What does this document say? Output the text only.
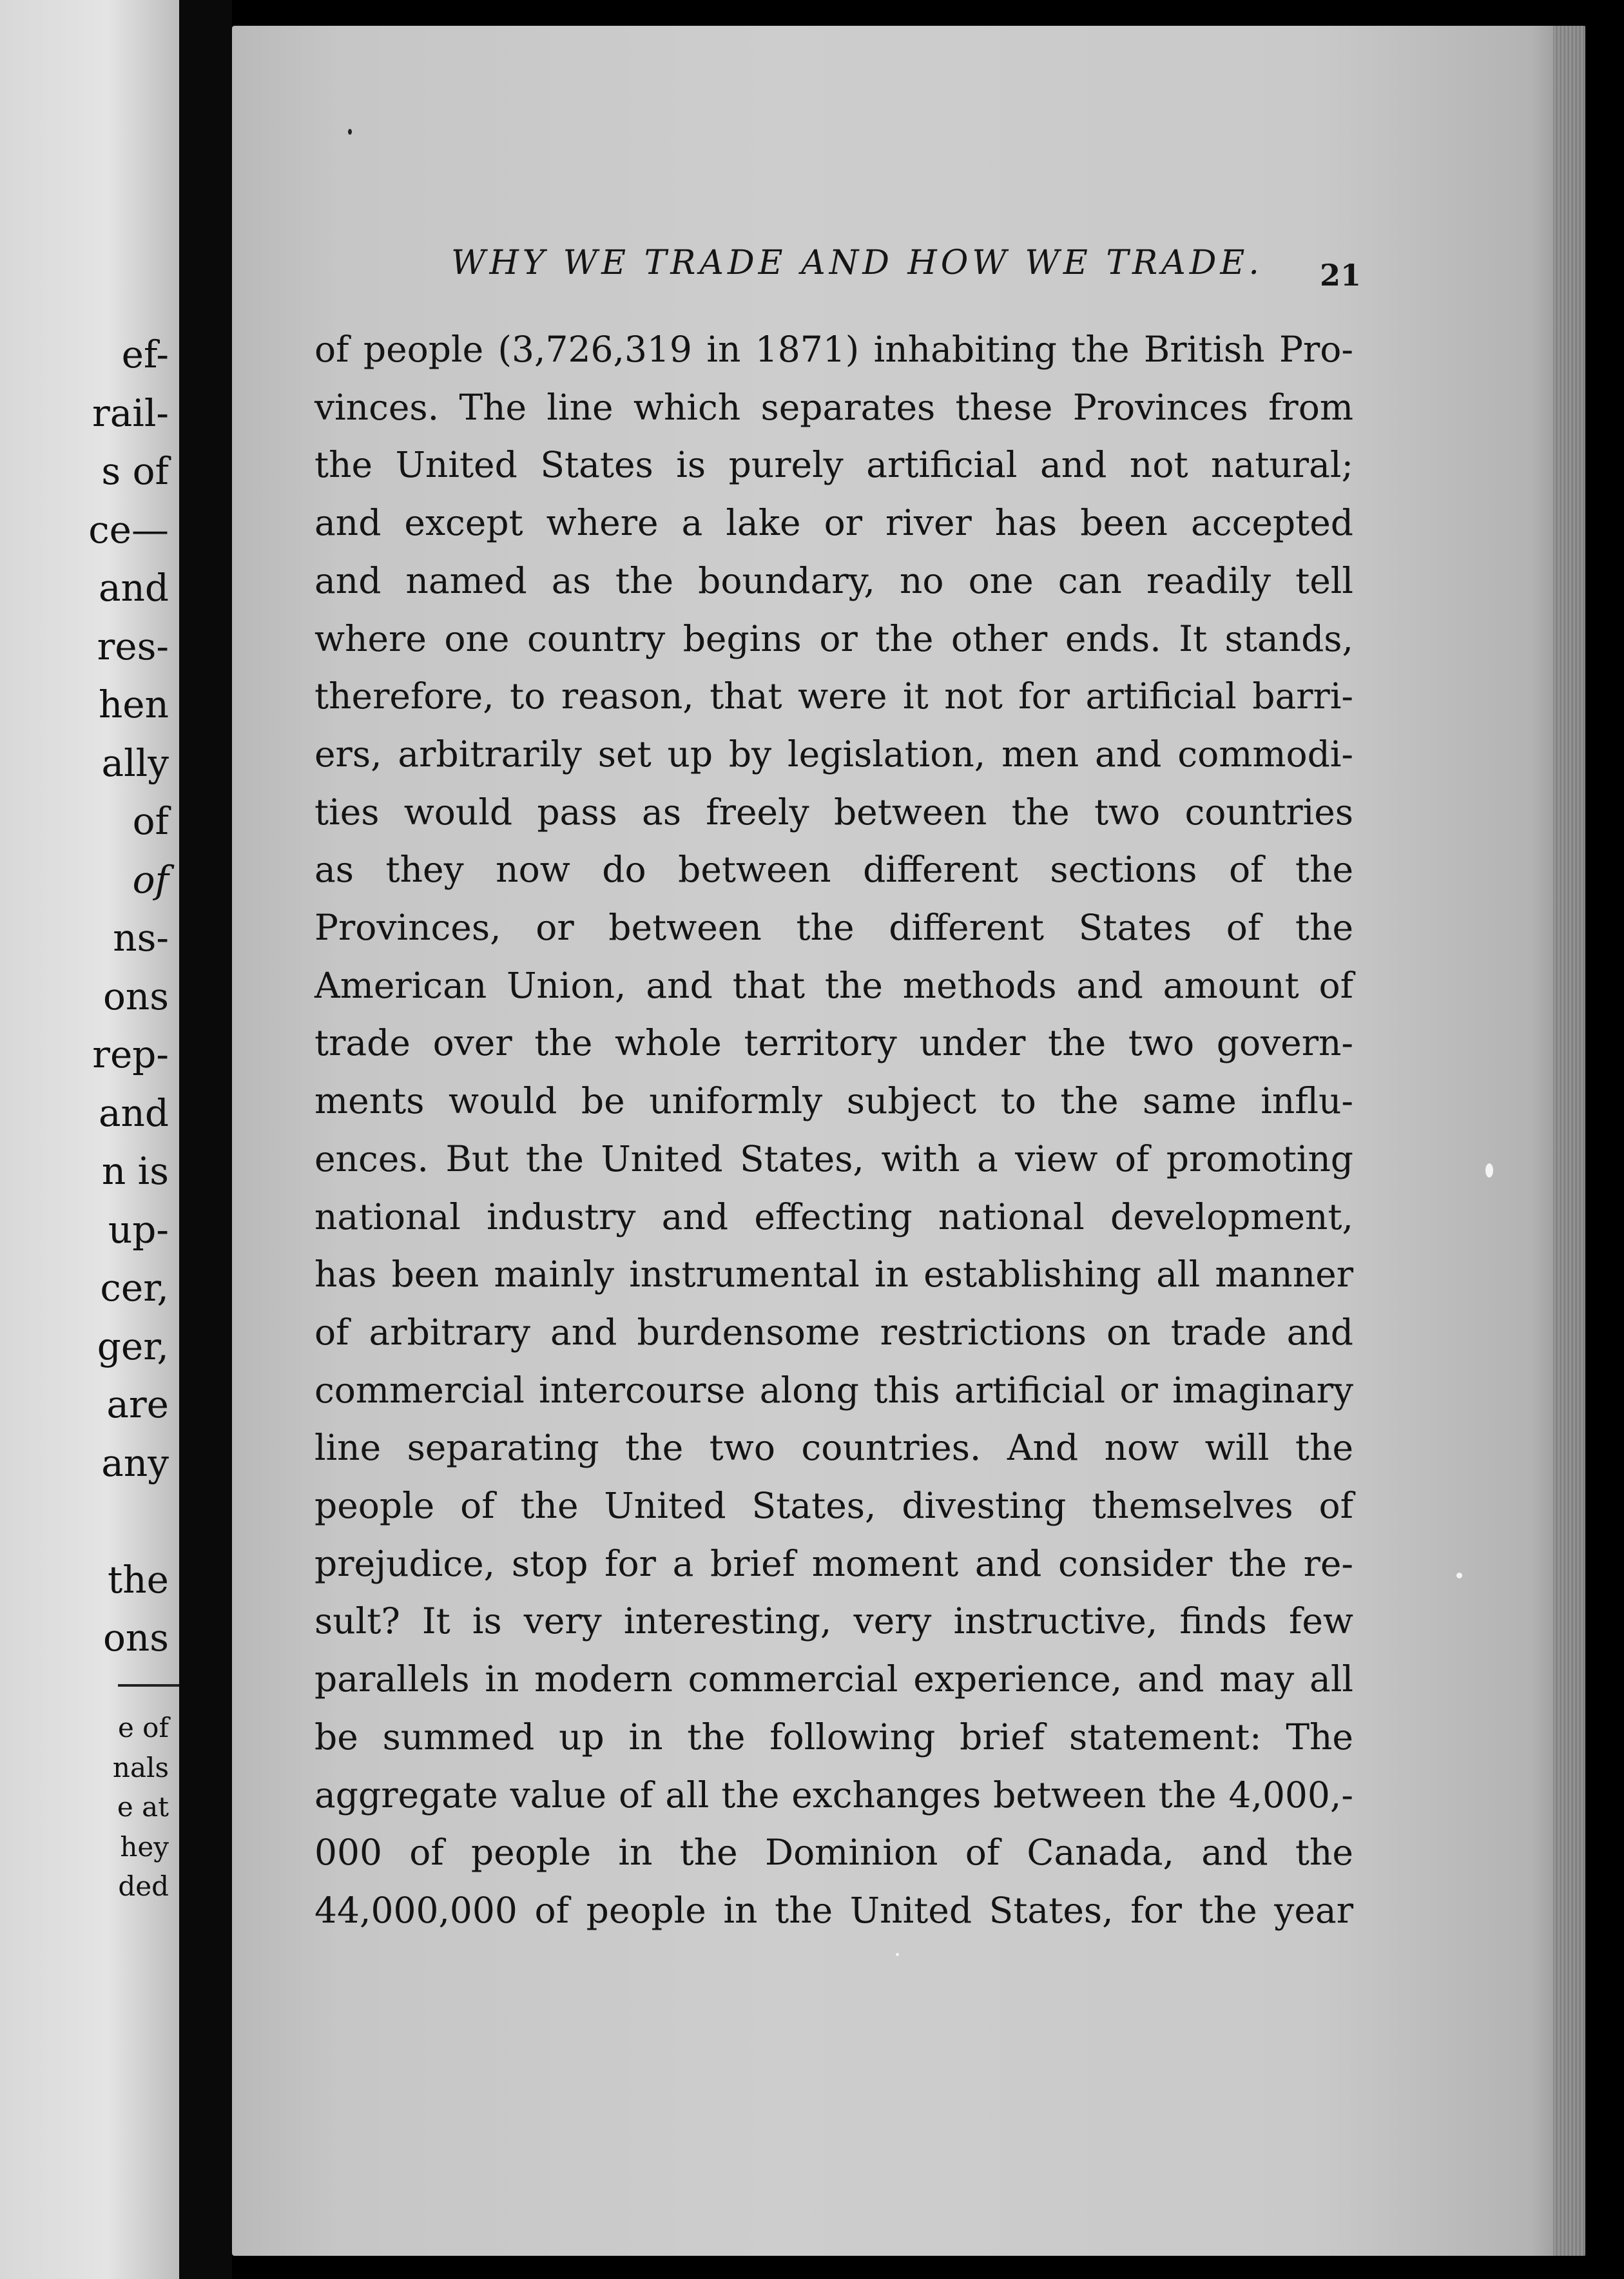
ef-
rail-
s of
ce—
and
res-
hen
ally
of
of
ns-
ons
rep-
and
n is
up-
cer,
ger,
are
any

the
ons
e of
nals
e at
hey
ded
WHY WE TRADE AND HOW WE TRADE. 21
of people (3,726,319 in 1871) inhabiting the British Pro-
vinces. The line which separates these Provinces from
the United States is purely artificial and not natural;
and except where a lake or river has been accepted
and named as the boundary, no one can readily tell
where one country begins or the other ends. It stands,
therefore, to reason, that were it not for artificial barri-
ers, arbitrarily set up by legislation, men and commodi-
ties would pass as freely between the two countries
as they now do between different sections of the
Provinces, or between the different States of the
American Union, and that the methods and amount of
trade over the whole territory under the two govern-
ments would be uniformly subject to the same influ-
ences. But the United States, with a view of promoting
national industry and effecting national development,
has been mainly instrumental in establishing all manner
of arbitrary and burdensome restrictions on trade and
commercial intercourse along this artificial or imaginary
line separating the two countries. And now will the
people of the United States, divesting themselves of
prejudice, stop for a brief moment and consider the re-
sult? It is very interesting, very instructive, finds few
parallels in modern commercial experience, and may all
be summed up in the following brief statement: The
aggregate value of all the exchanges between the 4,000,-
000 of people in the Dominion of Canada, and the
44,000,000 of people in the United States, for the year
